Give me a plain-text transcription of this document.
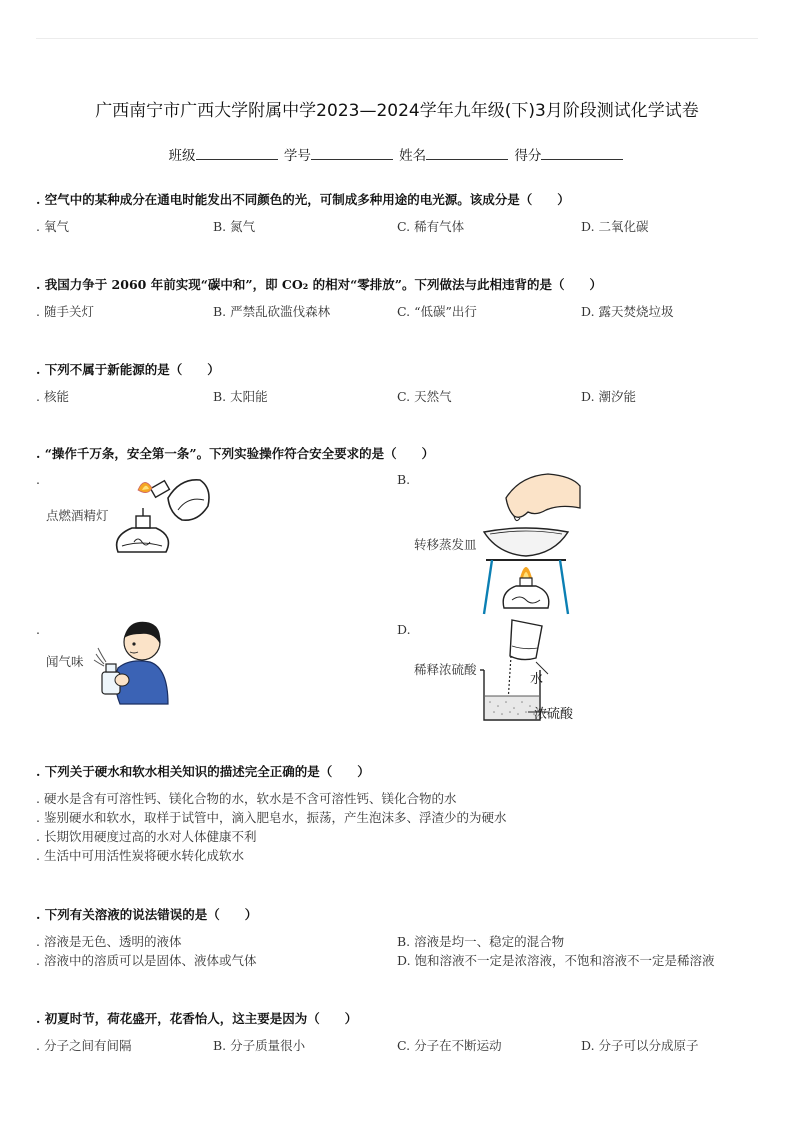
广西南宁市广西大学附属中学2023—2024学年九年级(下)3月阶段测试化学试卷
班级	学号	姓名	得分
. 空气中的某种成分在通电时能发出不同颜色的光，可制成多种用途的电光源。该成分是（　　）
. 氧气	B. 氮气	C. 稀有气体	D. 二氧化碳
. 我国力争于 2060 年前实现“碳中和”，即 CO₂ 的相对“零排放”。下列做法与此相违背的是（　　）
. 随手关灯	B. 严禁乱砍滥伐森林	C. “低碳”出行	D. 露天焚烧垃圾
. 下列不属于新能源的是（　　）
. 核能	B. 太阳能	C. 天然气	D. 潮汐能
. “操作千万条，安全第一条”。下列实验操作符合安全要求的是（　　）
.
点燃酒精灯
B.
转移蒸发皿
.
闻气味
D.
稀释浓硫酸
水
浓硫酸
. 下列关于硬水和软水相关知识的描述完全正确的是（　　）
. 硬水是含有可溶性钙、镁化合物的水，软水是不含可溶性钙、镁化合物的水
. 鉴别硬水和软水，取样于试管中，滴入肥皂水，振荡，产生泡沫多、浮渣少的为硬水
. 长期饮用硬度过高的水对人体健康不利
. 生活中可用活性炭将硬水转化成软水
. 下列有关溶液的说法错误的是（　　）
. 溶液是无色、透明的液体	B. 溶液是均一、稳定的混合物
. 溶液中的溶质可以是固体、液体或气体	D. 饱和溶液不一定是浓溶液，不饱和溶液不一定是稀溶液
. 初夏时节，荷花盛开，花香怡人，这主要是因为（　　）
. 分子之间有间隔	B. 分子质量很小	C. 分子在不断运动	D. 分子可以分成原子
